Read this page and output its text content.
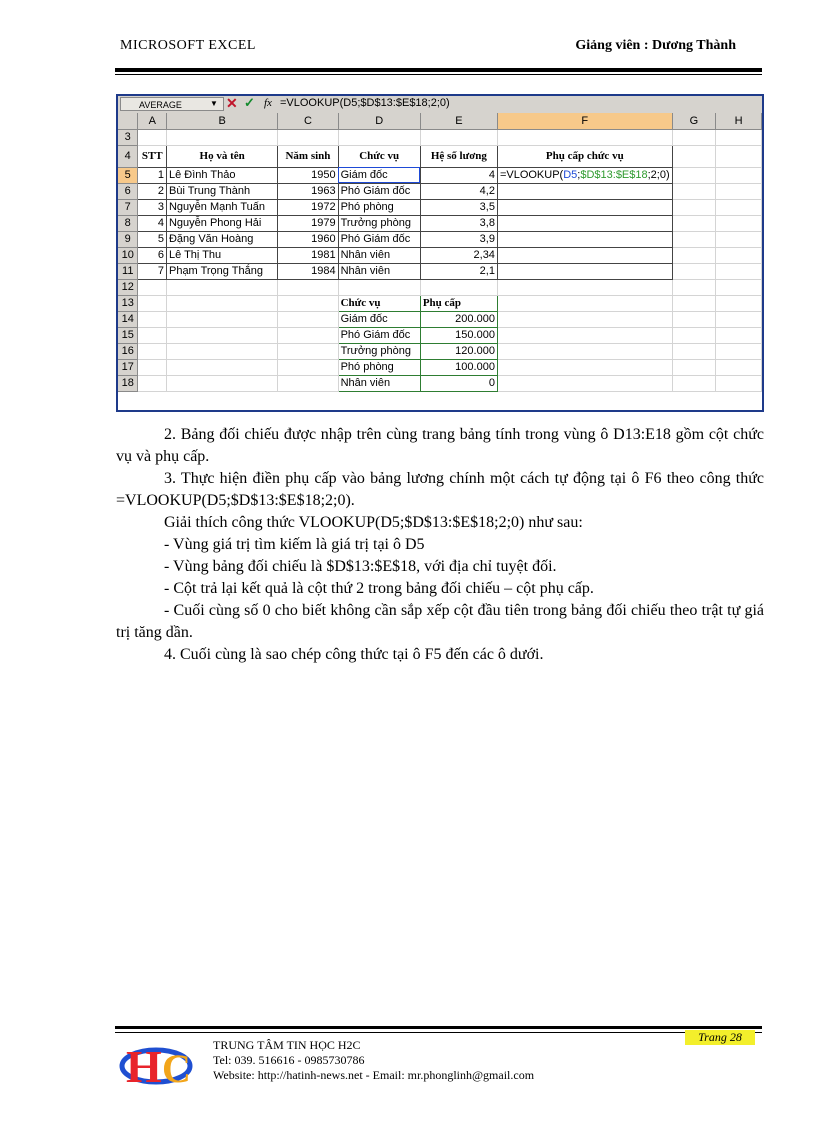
MICROSOFT EXCEL	Giảng viên : Dương Thành
AVERAGE	▼ ✕ ✓ fx =VLOOKUP(D5;$D$13:$E$18;2;0)
	A	B	C	D	E	F	G	H
3								
4	STT	Họ và tên	Năm sinh	Chức vụ	Hệ số lương	Phụ cấp chức vụ		
5	1	Lê Đình Thảo	1950	Giám đốc	4	=VLOOKUP(D5;$D$13:$E$18;2;0)		
6	2	Bùi Trung Thành	1963	Phó Giám đốc	4,2			
7	3	Nguyễn Mạnh Tuấn	1972	Phó phòng	3,5			
8	4	Nguyễn Phong Hải	1979	Trưởng phòng	3,8			
9	5	Đặng Văn Hoàng	1960	Phó Giám đốc	3,9			
10	6	Lê Thị Thu	1981	Nhân viên	2,34			
11	7	Phạm Trọng Thắng	1984	Nhân viên	2,1			
12								
13				Chức vụ	Phụ cấp			
14				Giám đốc	200.000			
15				Phó Giám đốc	150.000			
16				Trưởng phòng	120.000			
17				Phó phòng	100.000			
18				Nhân viên	0			
2. Bảng đối chiếu được nhập trên cùng trang bảng tính trong vùng ô D13:E18 gồm cột chức vụ và phụ cấp.
3. Thực hiện điền phụ cấp vào bảng lương chính một cách tự động tại ô F6 theo công thức =VLOOKUP(D5;$D$13:$E$18;2;0).
Giải thích công thức VLOOKUP(D5;$D$13:$E$18;2;0) như sau:
- Vùng giá trị tìm kiếm là giá trị tại ô D5
- Vùng bảng đối chiếu là $D$13:$E$18, với địa chỉ tuyệt đối.
- Cột trả lại kết quả là cột thứ 2 trong bảng đối chiếu – cột phụ cấp.
- Cuối cùng số 0 cho biết không cần sắp xếp cột đầu tiên trong bảng đối chiếu theo trật tự giá trị tăng dần.
4. Cuối cùng là sao chép công thức tại ô F5 đến các ô dưới.
H C
TRUNG TÂM TIN HỌC H2C
Tel: 039. 516616 - 0985730786
Website: http://hatinh-news.net - Email: mr.phonglinh@gmail.com
Trang 28
